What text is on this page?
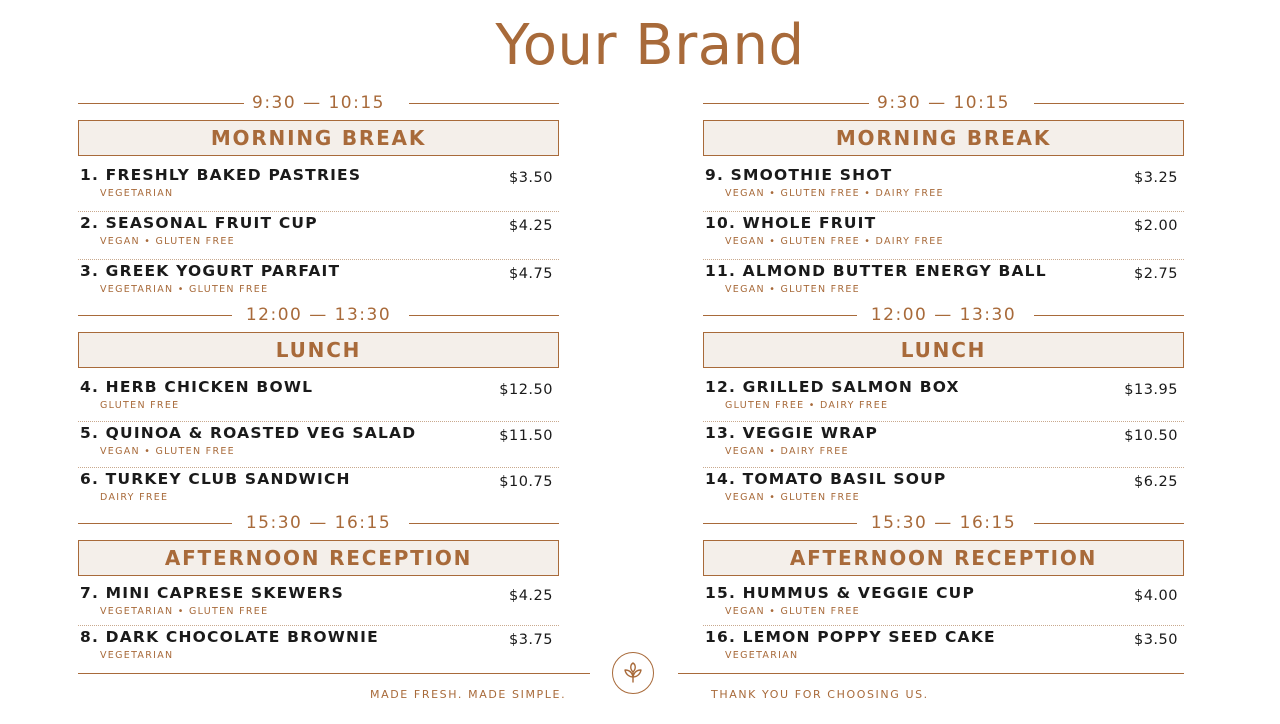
Your Brand
9:30 — 10:15
MORNING BREAK
1. FRESHLY BAKED PASTRIES
VEGETARIAN
$3.50
2. SEASONAL FRUIT CUP
VEGAN • GLUTEN FREE
$4.25
3. GREEK YOGURT PARFAIT
VEGETARIAN • GLUTEN FREE
$4.75
12:00 — 13:30
LUNCH
4. HERB CHICKEN BOWL
GLUTEN FREE
$12.50
5. QUINOA & ROASTED VEG SALAD
VEGAN • GLUTEN FREE
$11.50
6. TURKEY CLUB SANDWICH
DAIRY FREE
$10.75
15:30 — 16:15
AFTERNOON RECEPTION
7. MINI CAPRESE SKEWERS
VEGETARIAN • GLUTEN FREE
$4.25
8. DARK CHOCOLATE BROWNIE
VEGETARIAN
$3.75
9:30 — 10:15
MORNING BREAK
9. SMOOTHIE SHOT
VEGAN • GLUTEN FREE • DAIRY FREE
$3.25
10. WHOLE FRUIT
VEGAN • GLUTEN FREE • DAIRY FREE
$2.00
11. ALMOND BUTTER ENERGY BALL
VEGAN • GLUTEN FREE
$2.75
12:00 — 13:30
LUNCH
12. GRILLED SALMON BOX
GLUTEN FREE • DAIRY FREE
$13.95
13. VEGGIE WRAP
VEGAN • DAIRY FREE
$10.50
14. TOMATO BASIL SOUP
VEGAN • GLUTEN FREE
$6.25
15:30 — 16:15
AFTERNOON RECEPTION
15. HUMMUS & VEGGIE CUP
VEGAN • GLUTEN FREE
$4.00
16. LEMON POPPY SEED CAKE
VEGETARIAN
$3.50
MADE FRESH. MADE SIMPLE.	THANK YOU FOR CHOOSING US.
